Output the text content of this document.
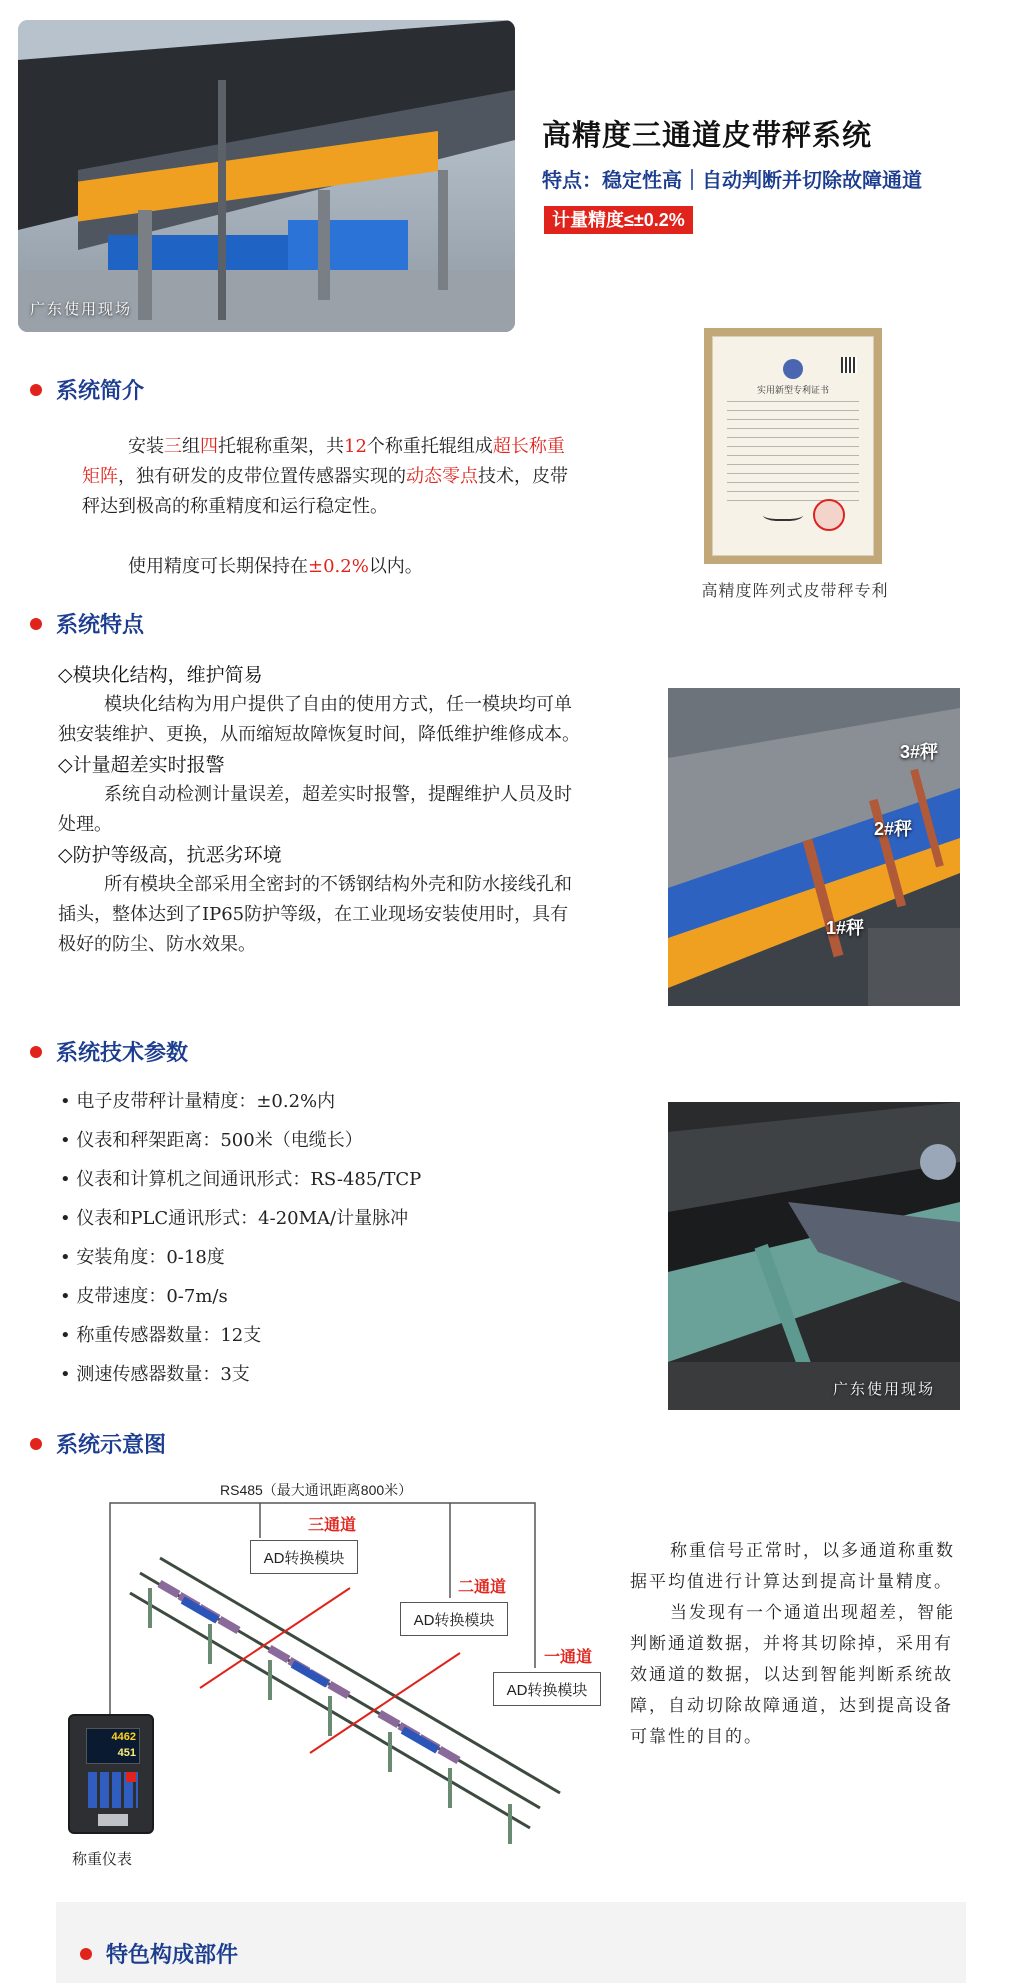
广东使用现场
高精度三通道皮带秤系统
特点：稳定性高｜自动判断并切除故障通道
计量精度≤±0.2%
实用新型专利证书
高精度阵列式皮带秤专利
系统简介
安装三组四托辊称重架，共12个称重托辊组成超长称重矩阵，独有研发的皮带位置传感器实现的动态零点技术，皮带秤达到极高的称重精度和运行稳定性。
使用精度可长期保持在±0.2%以内。
系统特点
◇模块化结构，维护简易
模块化结构为用户提供了自由的使用方式，任一模块均可单独安装维护、更换，从而缩短故障恢复时间，降低维护维修成本。
◇计量超差实时报警
系统自动检测计量误差，超差实时报警，提醒维护人员及时处理。
◇防护等级高，抗恶劣环境
所有模块全部采用全密封的不锈钢结构外壳和防水接线孔和插头，整体达到了IP65防护等级，在工业现场安装使用时，具有极好的防尘、防水效果。
3#秤
2#秤
1#秤
系统技术参数
• 电子皮带秤计量精度：±0.2%内
• 仪表和秤架距离：500米（电缆长）
• 仪表和计算机之间通讯形式：RS-485/TCP
• 仪表和PLC通讯形式：4-20MA/计量脉冲
• 安装角度：0-18度
• 皮带速度：0-7m/s
• 称重传感器数量：12支
• 测速传感器数量：3支
广东使用现场
系统示意图
RS485（最大通讯距离800米）
三通道
AD转换模块
二通道
AD转换模块
一通道
AD转换模块
4462
451
称重仪表
称重信号正常时，以多通道称重数据平均值进行计算达到提高计量精度。
当发现有一个通道出现超差，智能判断通道数据，并将其切除掉，采用有效通道的数据，以达到智能判断系统故障，自动切除故障通道，达到提高设备可靠性的目的。
特色构成部件
